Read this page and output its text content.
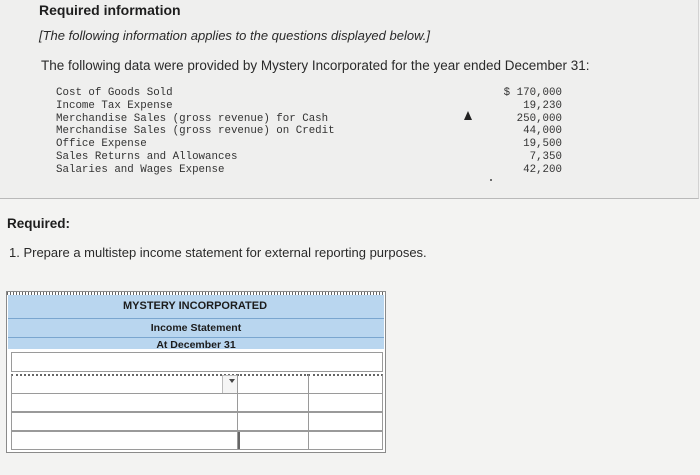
Required information
[The following information applies to the questions displayed below.]
The following data were provided by Mystery Incorporated for the year ended December 31:
Cost of Goods Sold	$ 170,000
Income Tax Expense	19,230
Merchandise Sales (gross revenue) for Cash	250,000
Merchandise Sales (gross revenue) on Credit	44,000
Office Expense	19,500
Sales Returns and Allowances	7,350
Salaries and Wages Expense	42,200
Required:
1. Prepare a multistep income statement for external reporting purposes.
MYSTERY INCORPORATED
Income Statement
At December 31
